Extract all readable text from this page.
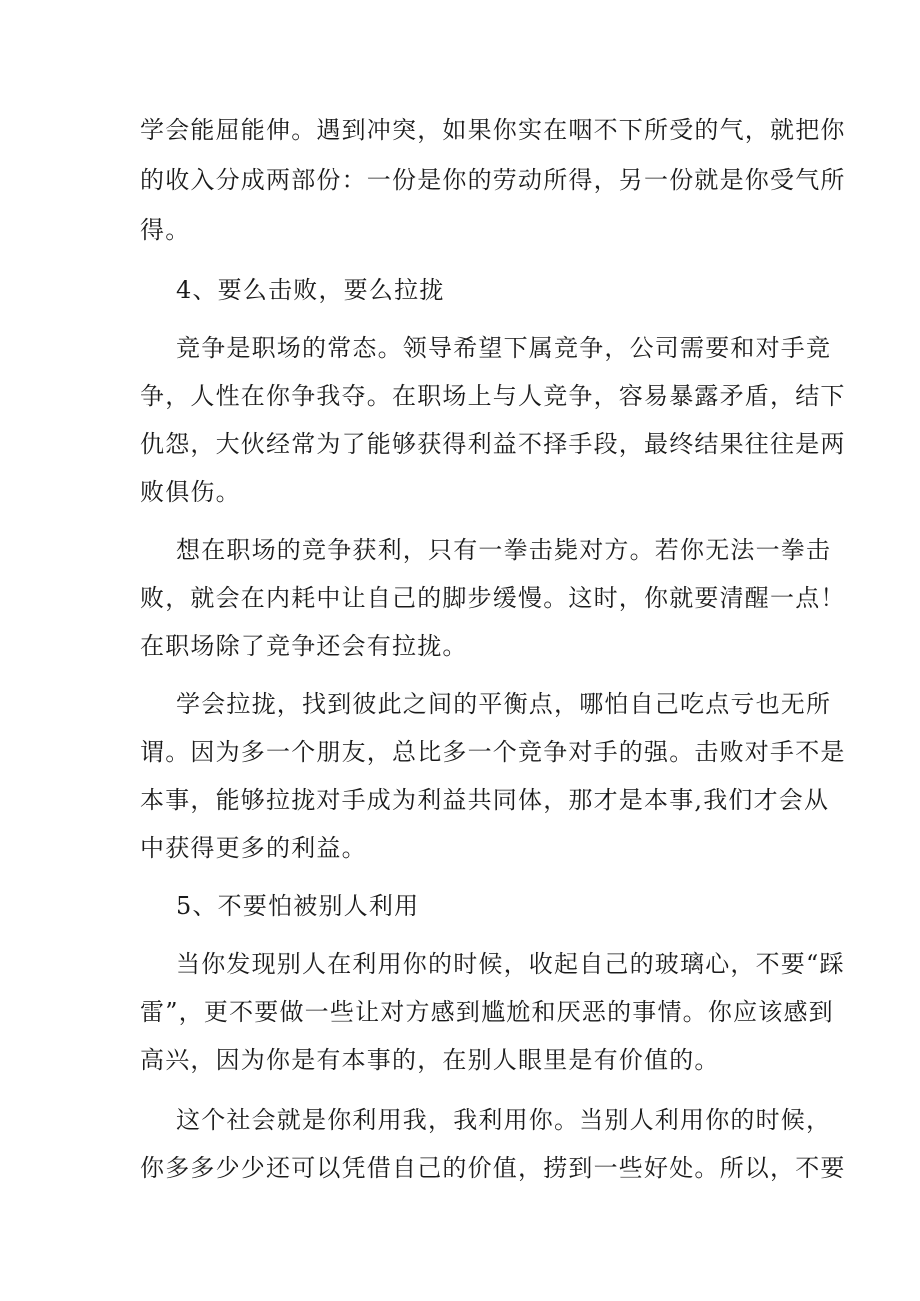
学会能屈能伸。遇到冲突，如果你实在咽不下所受的气，就把你
的收入分成两部份：一份是你的劳动所得，另一份就是你受气所
得。
4、要么击败，要么拉拢
竞争是职场的常态。领导希望下属竞争，公司需要和对手竞
争，人性在你争我夺。在职场上与人竞争，容易暴露矛盾，结下
仇怨，大伙经常为了能够获得利益不择手段，最终结果往往是两
败俱伤。
想在职场的竞争获利，只有一拳击毙对方。若你无法一拳击
败，就会在内耗中让自己的脚步缓慢。这时，你就要清醒一点！
在职场除了竞争还会有拉拢。
学会拉拢，找到彼此之间的平衡点，哪怕自己吃点亏也无所
谓。因为多一个朋友，总比多一个竞争对手的强。击败对手不是
本事，能够拉拢对手成为利益共同体，那才是本事,我们才会从
中获得更多的利益。
5、不要怕被别人利用
当你发现别人在利用你的时候，收起自己的玻璃心，不要“踩
雷”，更不要做一些让对方感到尴尬和厌恶的事情。你应该感到
高兴，因为你是有本事的，在别人眼里是有价值的。
这个社会就是你利用我，我利用你。当别人利用你的时候，
你多多少少还可以凭借自己的价值，捞到一些好处。所以，不要
